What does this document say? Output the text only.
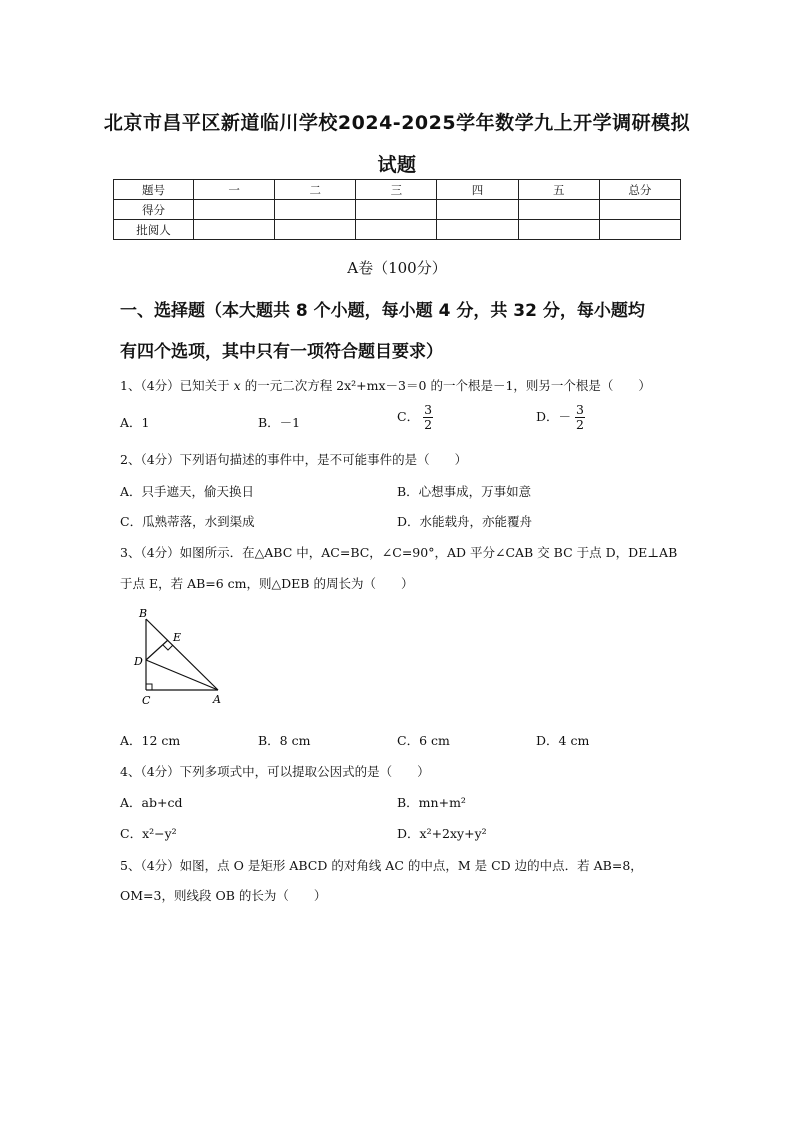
北京市昌平区新道临川学校2024-2025学年数学九上开学调研模拟
试题
题号	一	二	三	四	五	总分
得分						
批阅人						
A卷（100分）
一、选择题（本大题共 8 个小题，每小题 4 分，共 32 分，每小题均
有四个选项，其中只有一项符合题目要求）
1、（4分）已知关于 x 的一元二次方程 2x²+mx－3＝0 的一个根是－1，则另一个根是（　　）
A．1	B．－1	C． $\frac{3}{2}$	D．－ $\frac{3}{2}$
2、（4分）下列语句描述的事件中，是不可能事件的是（　　）
A．只手遮天，偷天换日	B．心想事成，万事如意
C．瓜熟蒂落，水到渠成	D．水能载舟，亦能覆舟
3、（4分）如图所示．在△ABC 中，AC=BC，∠C=90°，AD 平分∠CAB 交 BC 于点 D，DE⊥AB
于点 E，若 AB=6 cm，则△DEB 的周长为（　　）
B
E
D
C	A
A．12 cm	B．8 cm	C．6 cm	D．4 cm
4、（4分）下列多项式中，可以提取公因式的是（　　）
A．ab+cd	B．mn+m²
C．x²−y²	D．x²+2xy+y²
5、（4分）如图，点 O 是矩形 ABCD 的对角线 AC 的中点，M 是 CD 边的中点．若 AB=8，
OM=3，则线段 OB 的长为（　　）
